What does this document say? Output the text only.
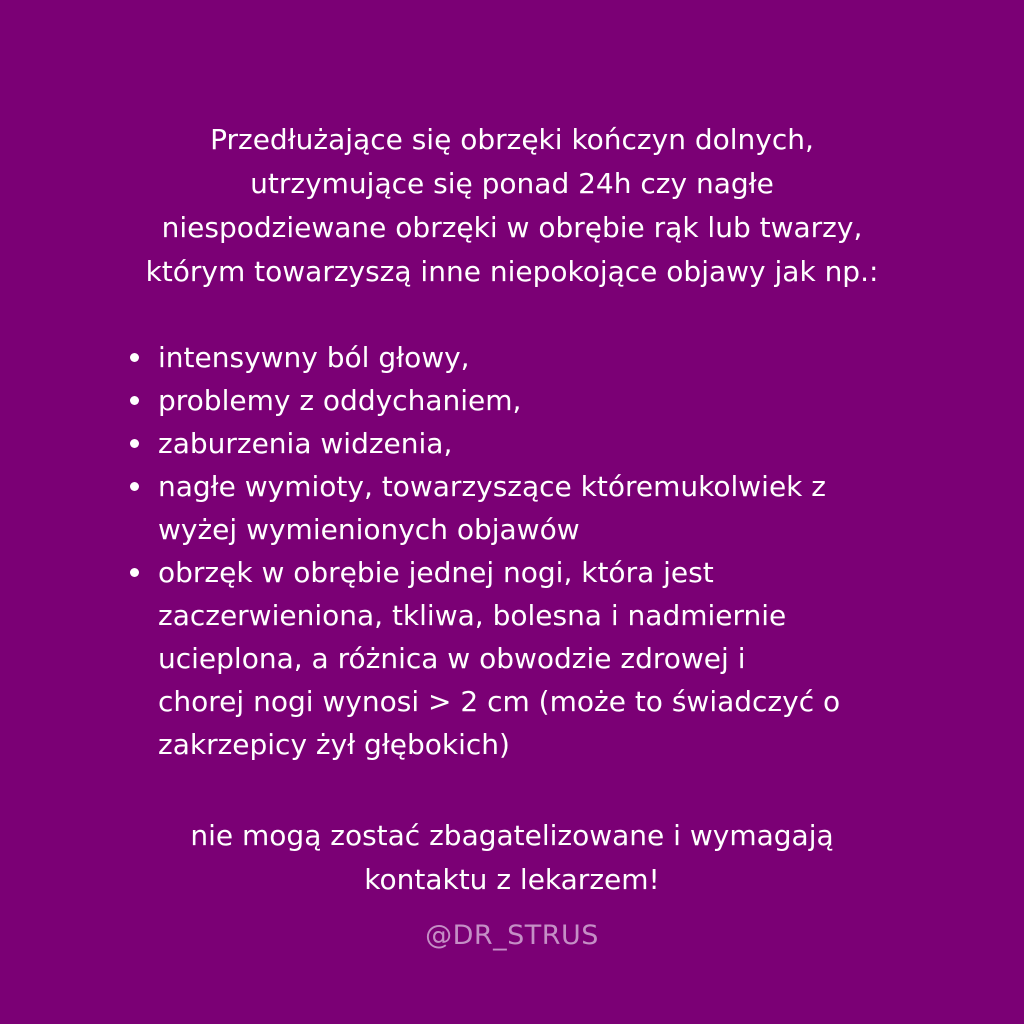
Przedłużające się obrzęki kończyn dolnych,
utrzymujące się ponad 24h czy nagłe
niespodziewane obrzęki w obrębie rąk lub twarzy,
którym towarzyszą inne niepokojące objawy jak np.:
intensywny ból głowy,
problemy z oddychaniem,
zaburzenia widzenia,
nagłe wymioty, towarzyszące któremukolwiek z
wyżej wymienionych objawów
obrzęk w obrębie jednej nogi, która jest
zaczerwieniona, tkliwa, bolesna i nadmiernie
ucieplona, a różnica w obwodzie zdrowej i
chorej nogi wynosi > 2 cm (może to świadczyć o
zakrzepicy żył głębokich)
nie mogą zostać zbagatelizowane i wymagają
kontaktu z lekarzem!
@DR_STRUS
